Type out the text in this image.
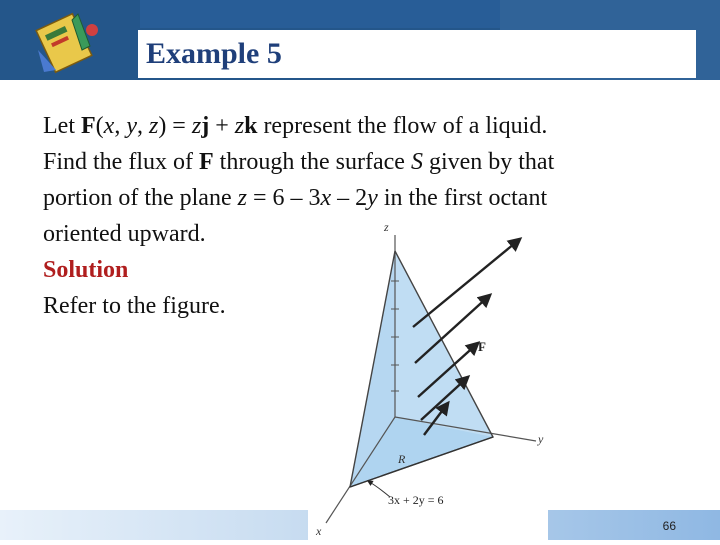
Example 5

Let F(x, y, z) = zj + zk represent the flow of a liquid.

Find the flux of F through the surface S given by that

portion of the plane z = 6 – 3x – 2y in the first octant

oriented upward.

Solution

Refer to the figure.

z
y
x
F
R
3x + 2y = 6
66
